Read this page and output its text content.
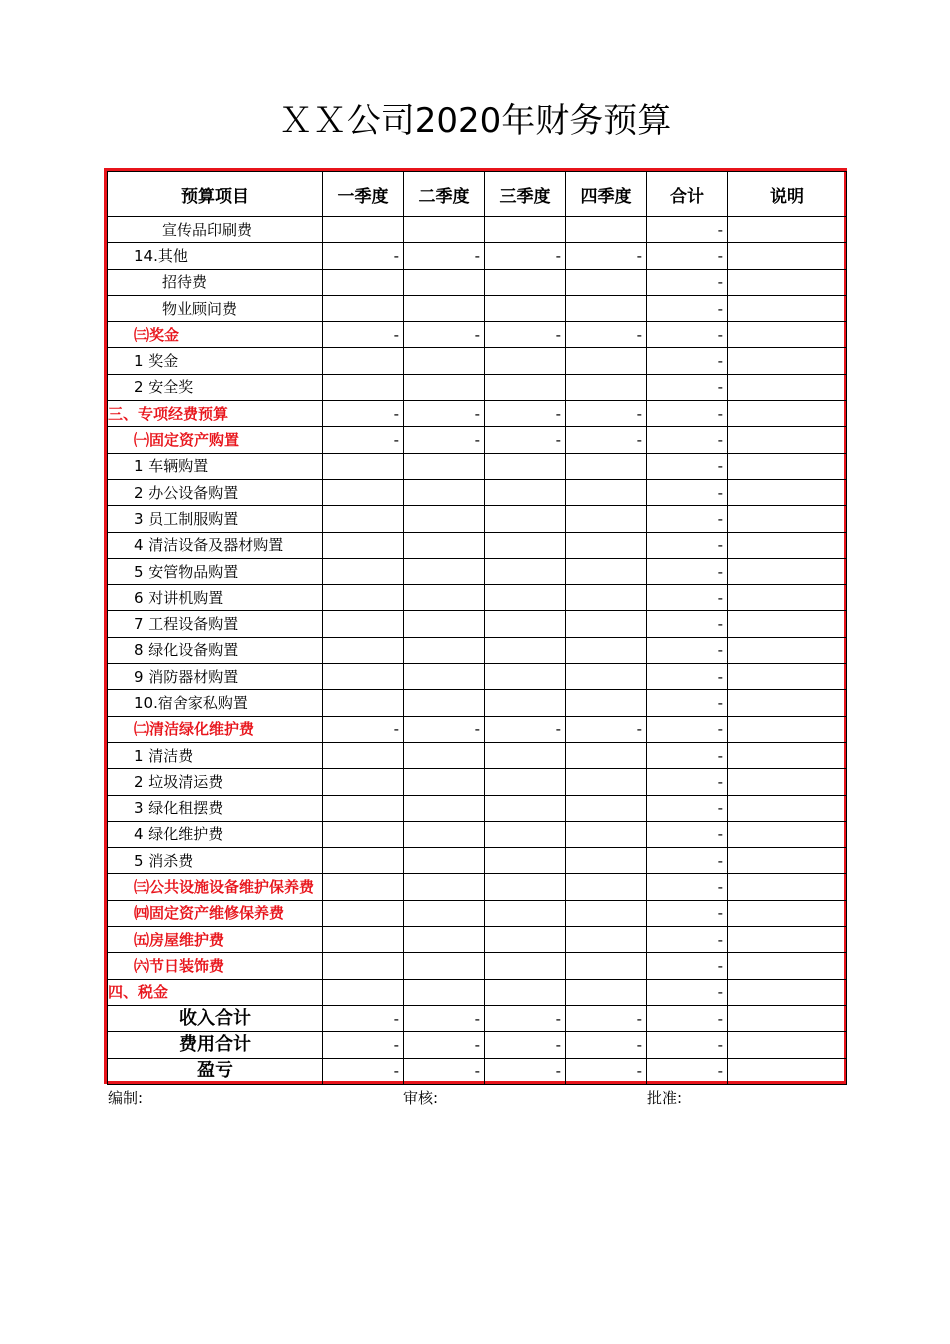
ＸＸ公司2020年财务预算
预算项目	一季度	二季度	三季度	四季度	合计	说明
宣传品印刷费					-	
14.其他	-	-	-	-	-	
招待费					-	
物业顾问费					-	
㈢奖金	-	-	-	-	-	
1 奖金					-	
2 安全奖					-	
三、专项经费预算	-	-	-	-	-	
㈠固定资产购置	-	-	-	-	-	
1 车辆购置					-	
2 办公设备购置					-	
3 员工制服购置					-	
4 清洁设备及器材购置					-	
5 安管物品购置					-	
6 对讲机购置					-	
7 工程设备购置					-	
8 绿化设备购置					-	
9 消防器材购置					-	
10.宿舍家私购置					-	
㈡清洁绿化维护费	-	-	-	-	-	
1 清洁费					-	
2 垃圾清运费					-	
3 绿化租摆费					-	
4 绿化维护费					-	
5 消杀费					-	
㈢公共设施设备维护保养费					-	
㈣固定资产维修保养费					-	
㈤房屋维护费					-	
㈥节日装饰费					-	
四、税金					-	
收入合计	-	-	-	-	-	
费用合计	-	-	-	-	-	
盈亏	-	-	-	-	-	
编制:	审核:	批准:
